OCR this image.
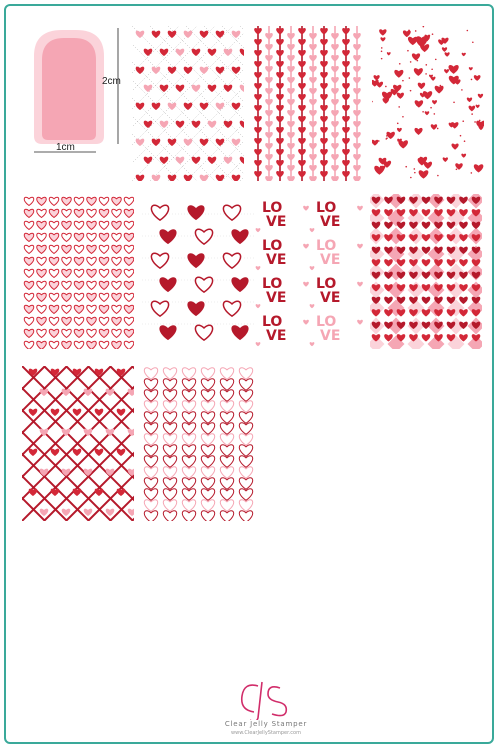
2cm
1cm
LO
VE
LO
VE
LO
VE
LO
VE
LO
VE
LO
VE
LO
VE
LO
VE
Clear Jelly Stamper
www.ClearJellyStamper.com
